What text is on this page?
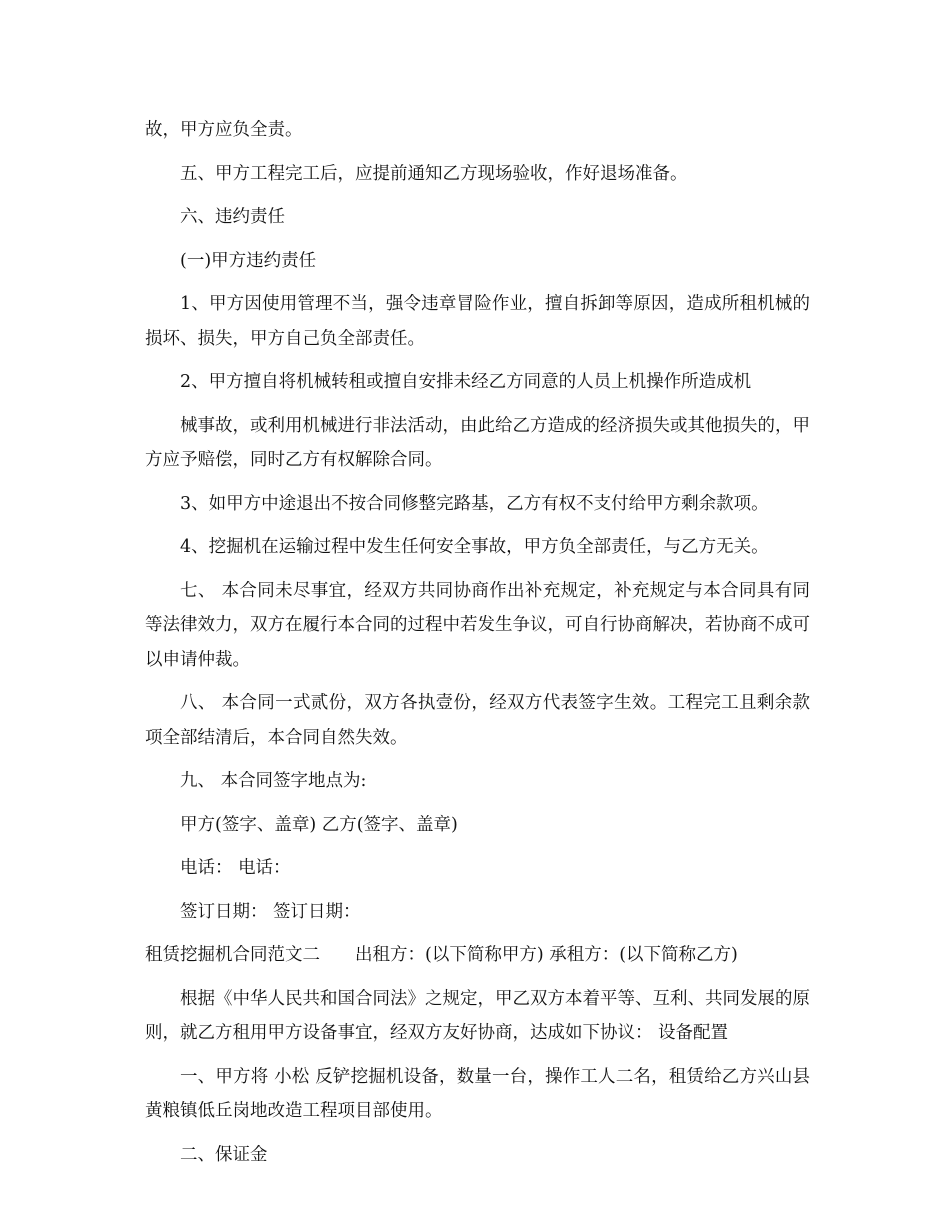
故，甲方应负全责。

五、甲方工程完工后，应提前通知乙方现场验收，作好退场准备。

六、违约责任

(一)甲方违约责任

1、甲方因使用管理不当，强令违章冒险作业，擅自拆卸等原因，造成所租机械的损坏、损失，甲方自己负全部责任。

2、甲方擅自将机械转租或擅自安排未经乙方同意的人员上机操作所造成机

械事故，或利用机械进行非法活动，由此给乙方造成的经济损失或其他损失的，甲方应予赔偿，同时乙方有权解除合同。

3、如甲方中途退出不按合同修整完路基，乙方有权不支付给甲方剩余款项。

4、挖掘机在运输过程中发生任何安全事故，甲方负全部责任，与乙方无关。

七、 本合同未尽事宜，经双方共同协商作出补充规定，补充规定与本合同具有同等法律效力，双方在履行本合同的过程中若发生争议，可自行协商解决，若协商不成可以申请仲裁。

八、 本合同一式贰份，双方各执壹份，经双方代表签字生效。工程完工且剩余款项全部结清后，本合同自然失效。

九、 本合同签字地点为:

甲方(签字、盖章) 乙方(签字、盖章)

电话： 电话：

签订日期： 签订日期：

租赁挖掘机合同范文二　　出租方：(以下简称甲方) 承租方：(以下简称乙方)

根据《中华人民共和国合同法》之规定，甲乙双方本着平等、互利、共同发展的原则，就乙方租用甲方设备事宜，经双方友好协商，达成如下协议： 设备配置

一、甲方将 小松 反铲挖掘机设备，数量一台，操作工人二名，租赁给乙方兴山县黄粮镇低丘岗地改造工程项目部使用。

二、保证金
